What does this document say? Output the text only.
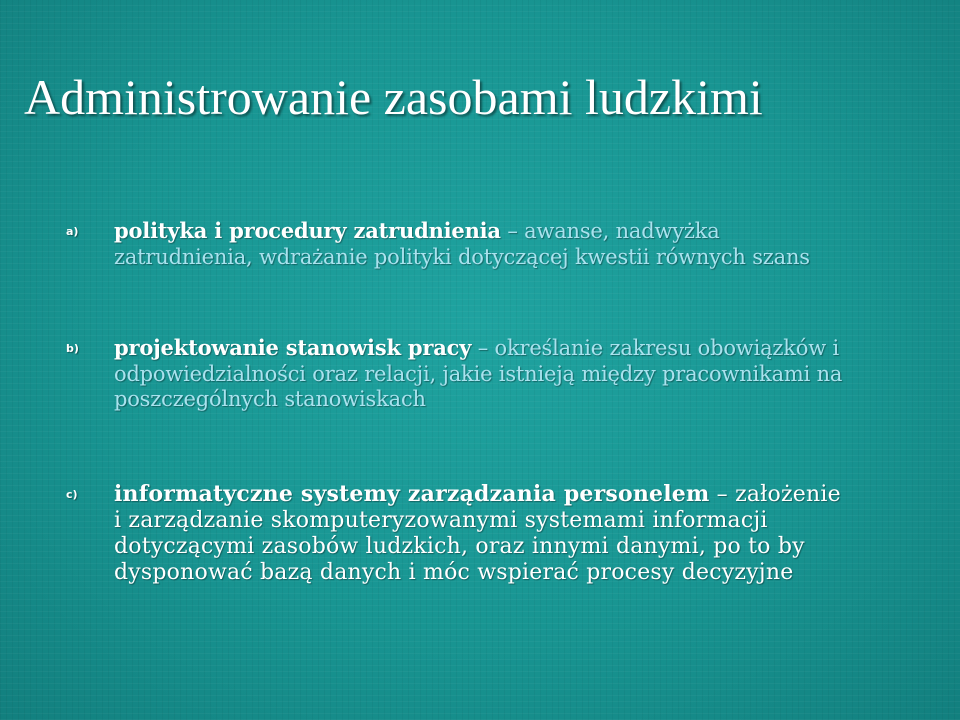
Administrowanie zasobami ludzkimi
a) polityka i procedury zatrudnienia – awanse, nadwyżka zatrudnienia, wdrażanie polityki dotyczącej kwestii równych szans

b) projektowanie stanowisk pracy – określanie zakresu obowiązków i odpowiedzialności oraz relacji, jakie istnieją między pracownikami na poszczególnych stanowiskach

c) informatyczne systemy zarządzania personelem – założenie i zarządzanie skomputeryzowanymi systemami informacji dotyczącymi zasobów ludzkich, oraz innymi danymi, po to by dysponować bazą danych i móc wspierać procesy decyzyjne
